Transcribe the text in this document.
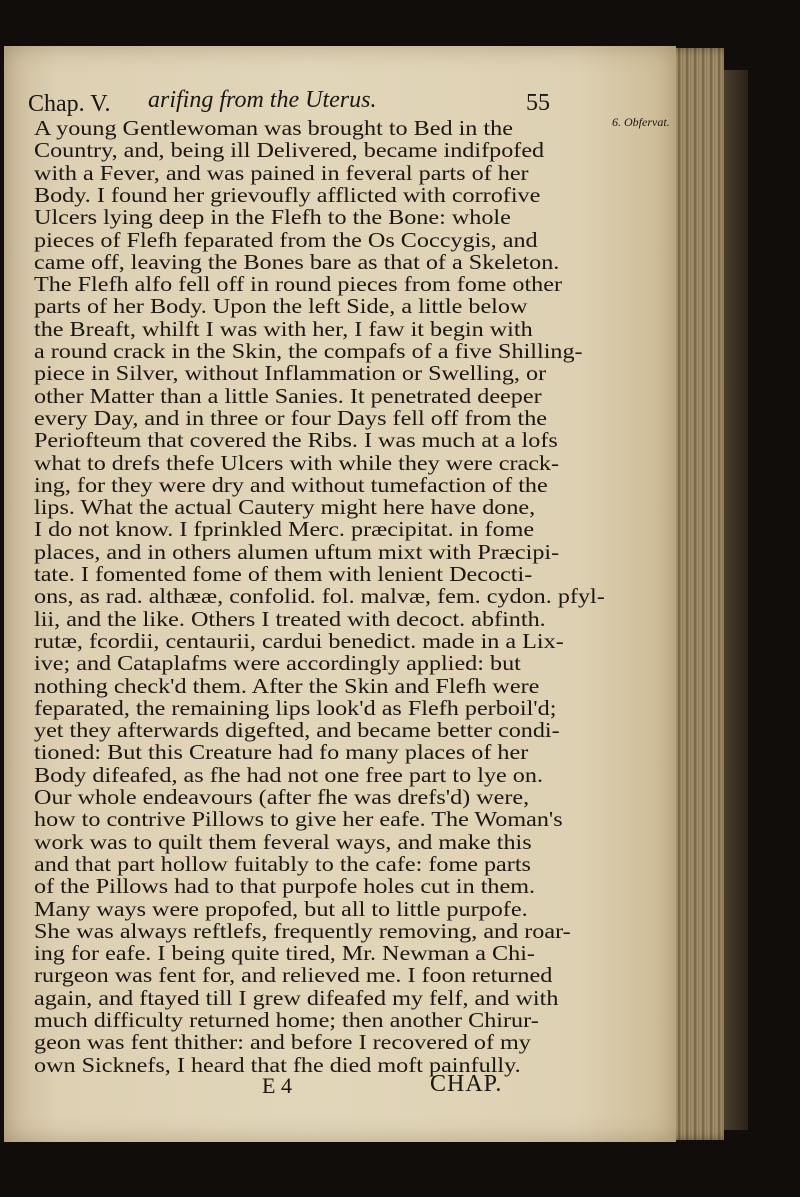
Chap. V. arifing from the Uterus.	55
6. Obfervat.
A young Gentlewoman was brought to Bed in the
Country, and, being ill Delivered, became indifpofed
with a Fever, and was pained in feveral parts of her
Body. I found her grievoufly afflicted with corrofive
Ulcers lying deep in the Flefh to the Bone: whole
pieces of Flefh feparated from the Os Coccygis, and
came off, leaving the Bones bare as that of a Skeleton.
The Flefh alfo fell off in round pieces from fome other
parts of her Body. Upon the left Side, a little below
the Breaft, whilft I was with her, I faw it begin with
a round crack in the Skin, the compafs of a five Shilling-
piece in Silver, without Inflammation or Swelling, or
other Matter than a little Sanies. It penetrated deeper
every Day, and in three or four Days fell off from the
Periofteum that covered the Ribs. I was much at a lofs
what to drefs thefe Ulcers with while they were crack-
ing, for they were dry and without tumefaction of the
lips. What the actual Cautery might here have done,
I do not know. I fprinkled Merc. præcipitat. in fome
places, and in others alumen uftum mixt with Præcipi-
tate. I fomented fome of them with lenient Decocti-
ons, as rad. althææ, confolid. fol. malvæ, fem. cydon. pfyl-
lii, and the like. Others I treated with decoct. abfinth.
rutæ, fcordii, centaurii, cardui benedict. made in a Lix-
ive; and Cataplafms were accordingly applied: but
nothing check'd them. After the Skin and Flefh were
feparated, the remaining lips look'd as Flefh perboil'd;
yet they afterwards digefted, and became better condi-
tioned: But this Creature had fo many places of her
Body difeafed, as fhe had not one free part to lye on.
Our whole endeavours (after fhe was drefs'd) were,
how to contrive Pillows to give her eafe. The Woman's
work was to quilt them feveral ways, and make this
and that part hollow fuitably to the cafe: fome parts
of the Pillows had to that purpofe holes cut in them.
Many ways were propofed, but all to little purpofe.
She was always reftlefs, frequently removing, and roar-
ing for eafe. I being quite tired, Mr. Newman a Chi-
rurgeon was fent for, and relieved me. I foon returned
again, and ftayed till I grew difeafed my felf, and with
much difficulty returned home; then another Chirur-
geon was fent thither: and before I recovered of my
own Sicknefs, I heard that fhe died moft painfully.
E 4	CHAP.
